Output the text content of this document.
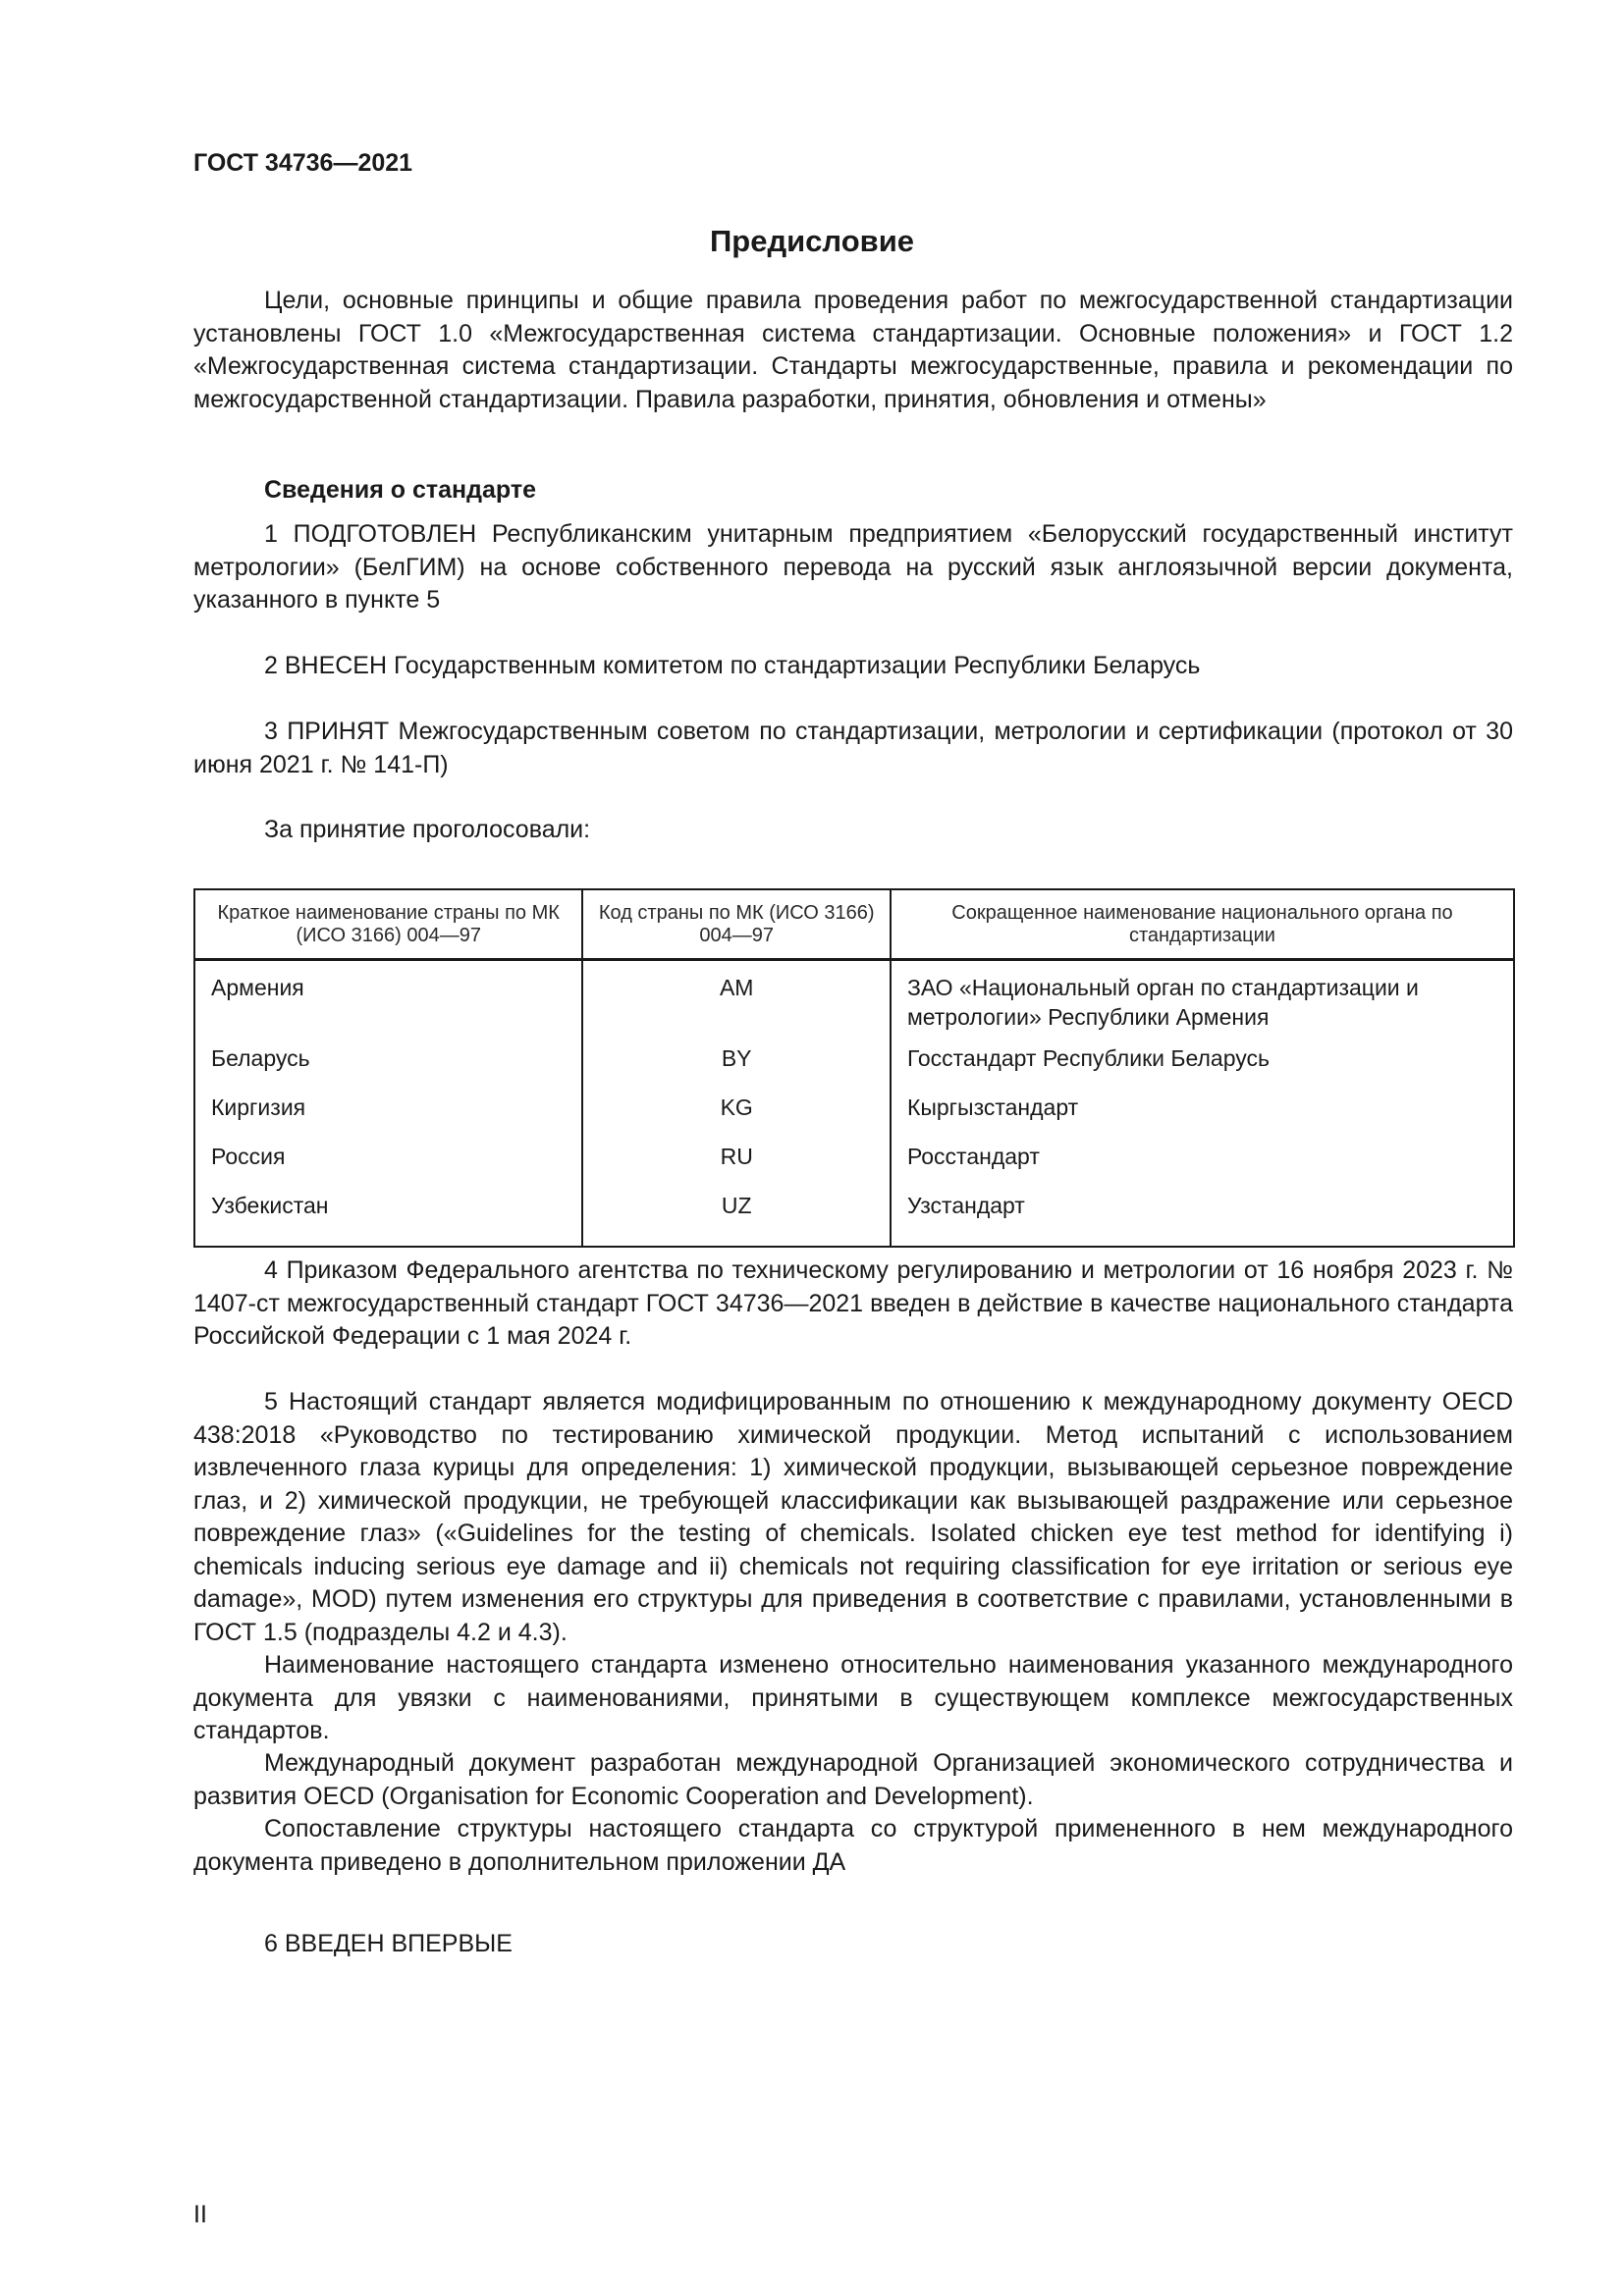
ГОСТ 34736—2021
Предисловие

Цели, основные принципы и общие правила проведения работ по межгосударственной стандартизации установлены ГОСТ 1.0 «Межгосударственная система стандартизации. Основные положения» и ГОСТ 1.2 «Межгосударственная система стандартизации. Стандарты межгосударственные, правила и рекомендации по межгосударственной стандартизации. Правила разработки, принятия, обновления и отмены»

Сведения о стандарте

1 ПОДГОТОВЛЕН Республиканским унитарным предприятием «Белорусский государственный институт метрологии» (БелГИМ) на основе собственного перевода на русский язык англоязычной версии документа, указанного в пункте 5

2 ВНЕСЕН Государственным комитетом по стандартизации Республики Беларусь

3 ПРИНЯТ Межгосударственным советом по стандартизации, метрологии и сертификации (протокол от 30 июня 2021 г. № 141-П)

За принятие проголосовали:

Краткое наименование страны по МК (ИСО 3166) 004—97	Код страны по МК (ИСО 3166) 004—97	Сокращенное наименование национального органа по стандартизации
Армения	AM	ЗАО «Национальный орган по стандартизации и метрологии» Республики Армения
Беларусь	BY	Госстандарт Республики Беларусь
Киргизия	KG	Кыргызстандарт
Россия	RU	Росстандарт
Узбекистан	UZ	Узстандарт

4 Приказом Федерального агентства по техническому регулированию и метрологии от 16 ноября 2023 г. № 1407-ст межгосударственный стандарт ГОСТ 34736—2021 введен в действие в качестве национального стандарта Российской Федерации с 1 мая 2024 г.

5 Настоящий стандарт является модифицированным по отношению к международному документу OECD 438:2018 «Руководство по тестированию химической продукции. Метод испытаний с использованием извлеченного глаза курицы для определения: 1) химической продукции, вызывающей серьезное повреждение глаз, и 2) химической продукции, не требующей классификации как вызывающей раздражение или серьезное повреждение глаз» («Guidelines for the testing of chemicals. Isolated chicken eye test method for identifying i) chemicals inducing serious eye damage and ii) chemicals not requiring classification for eye irritation or serious eye damage», MOD) путем изменения его структуры для приведения в соответствие с правилами, установленными в ГОСТ 1.5 (подразделы 4.2 и 4.3).

Наименование настоящего стандарта изменено относительно наименования указанного международного документа для увязки с наименованиями, принятыми в существующем комплексе межгосударственных стандартов.

Международный документ разработан международной Организацией экономического сотрудничества и развития OECD (Organisation for Economic Cooperation and Development).

Сопоставление структуры настоящего стандарта со структурой примененного в нем международного документа приведено в дополнительном приложении ДА

6 ВВЕДЕН ВПЕРВЫЕ

II
